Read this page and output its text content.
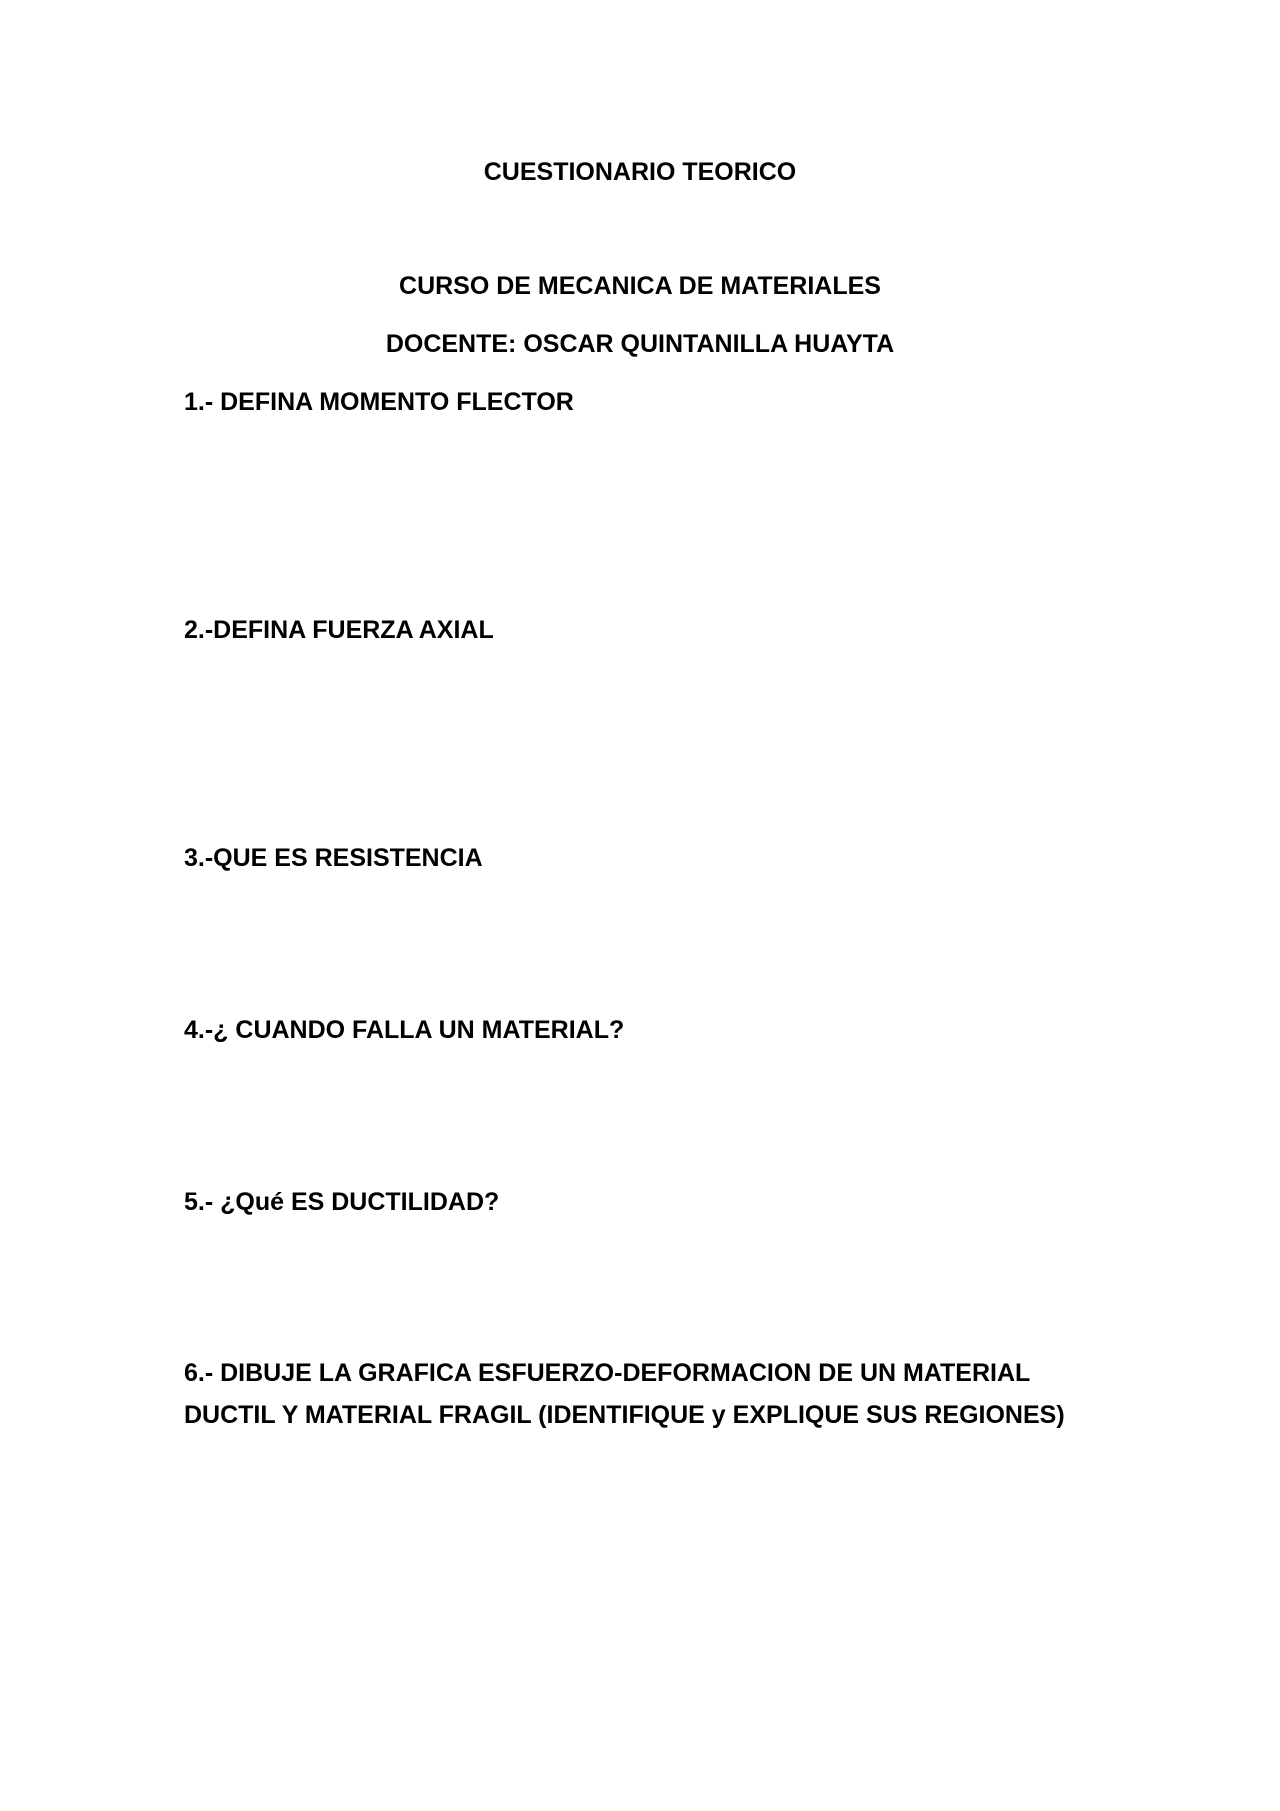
CUESTIONARIO TEORICO
CURSO DE MECANICA DE MATERIALES
DOCENTE: OSCAR QUINTANILLA HUAYTA
1.- DEFINA MOMENTO FLECTOR
2.-DEFINA FUERZA AXIAL
3.-QUE ES RESISTENCIA
4.-¿ CUANDO FALLA UN MATERIAL?
5.- ¿Qué ES DUCTILIDAD?
6.- DIBUJE LA GRAFICA ESFUERZO-DEFORMACION DE UN MATERIAL
DUCTIL Y MATERIAL FRAGIL (IDENTIFIQUE y EXPLIQUE SUS REGIONES)
